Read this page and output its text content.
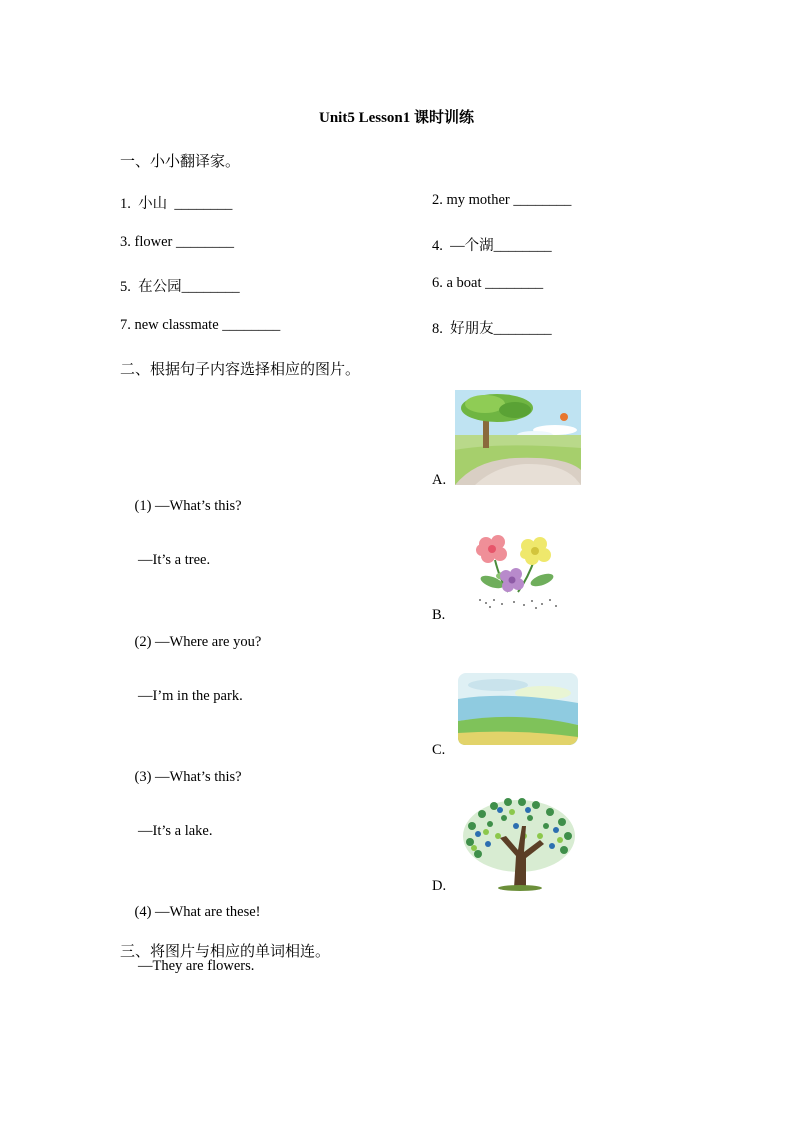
Unit5 Lesson1 课时训练
一、小小翻译家。
1.  小山  ________	2. my mother ________
3. flower ________	4.  —个湖________
5.  在公园________	6. a boat ________
7. new classmate ________	8.  好朋友________
二、根据句子内容选择相应的图片。

(1) —What’s this?

—It’s a tree.

(2) —Where are you?

—I’m in the park.

(3) —What’s this?

—It’s a lake.

(4) —What are these!

—They are flowers.

A.
B.
C.
D.
三、将图片与相应的单词相连。
